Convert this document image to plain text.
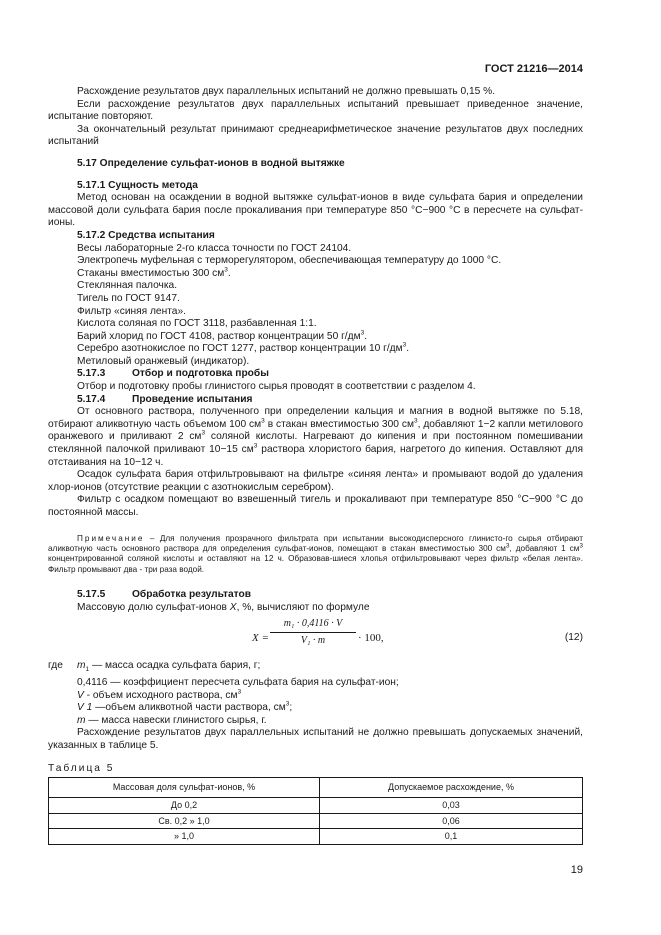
ГОСТ 21216—2014

Расхождение результатов двух параллельных испытаний не должно превышать 0,15 %.

Если расхождение результатов двух параллельных испытаний превышает приведенное значение, испытание повторяют.

За окончательный результат принимают среднеарифметическое значение результатов двух последних испытаний

5.17 Определение сульфат-ионов в водной вытяжке

5.17.1 Сущность метода

Метод основан на осаждении в водной вытяжке сульфат-ионов в виде сульфата бария и определении массовой доли сульфата бария после прокаливания при температуре 850 °С−900 °С в пересчете на сульфат-ионы.

5.17.2 Средства испытания

Весы лабораторные 2-го класса точности по ГОСТ 24104.

Электропечь муфельная с терморегулятором, обеспечивающая температуру до 1000 °С.

Стаканы вместимостью 300 $см^3$.

Стеклянная палочка.

Тигель по ГОСТ 9147.

Фильтр «синяя лента».

Кислота соляная по ГОСТ 3118, разбавленная 1:1.

Барий хлорид по ГОСТ 4108, раствор концентрации 50 $г/дм^3$.

Серебро азотнокислое по ГОСТ 1277, раствор концентрации 10 $г/дм^3$.

Метиловый оранжевый (индикатор).

5.17.3	Отбор и подготовка пробы

Отбор и подготовку пробы глинистого сырья проводят в соответствии с разделом 4.

5.17.4	Проведение испытания

От основного раствора, полученного при определении кальция и магния в водной вытяжке по 5.18, отбирают аликвотную часть объемом 100 $см^3$ в стакан вместимостью 300 $см^3$, добавляют 1−2 капли метилового оранжевого и приливают 2 $см^3$ соляной кислоты. Нагревают до кипения и при постоянном помешивании стеклянной палочкой приливают 10−15 $см^3$ раствора хлористого бария, нагретого до кипения. Оставляют для отстаивания на 10−12 ч.

Осадок сульфата бария отфильтровывают на фильтре «синяя лента» и промывают водой до удаления хлор-ионов (отсутствие реакции с азотнокислым серебром).

Фильтр с осадком помещают во взвешенный тигель и прокаливают при температуре 850 °С−900 °С до постоянной массы.

Примечание – Для получения прозрачного фильтрата при испытании высокодисперсного глинисто-го сырья отбирают аликвотную часть основного раствора для определения сульфат-ионов, помещают в стакан вместимостью 300 $см^3$, добавляют 1 $см^3$ концентрированной соляной кислоты и оставляют на 12 ч. Образовав-шиеся хлопья отфильтровывают через фильтр «белая лента». Фильтр промывают два - три раза водой.

5.17.5	Обработка результатов

Массовую долю сульфат-ионов X, %, вычисляют по формуле

$X = \frac{\text{m₁ · 0,4116 · V}}{\text{V₁ · m}} \cdot 100$,	(12)
где	$m_1$ — масса осадка сульфата бария, г;
0,4116 — коэффициент пересчета сульфата бария на сульфат-ион;
V - объем исходного раствора, $см^3$
V 1 —объем аликвотной части раствора, $см^3$;
m — масса навески глинистого сырья, г.

Расхождение результатов двух параллельных испытаний не должно превышать допускаемых значений, указанных в таблице 5.

Таблица 5
Массовая доля сульфат-ионов, %	Допускаемое расхождение, %
До 0,2	0,03
Св. 0,2 » 1,0	0,06
» 1,0	0,1
19
